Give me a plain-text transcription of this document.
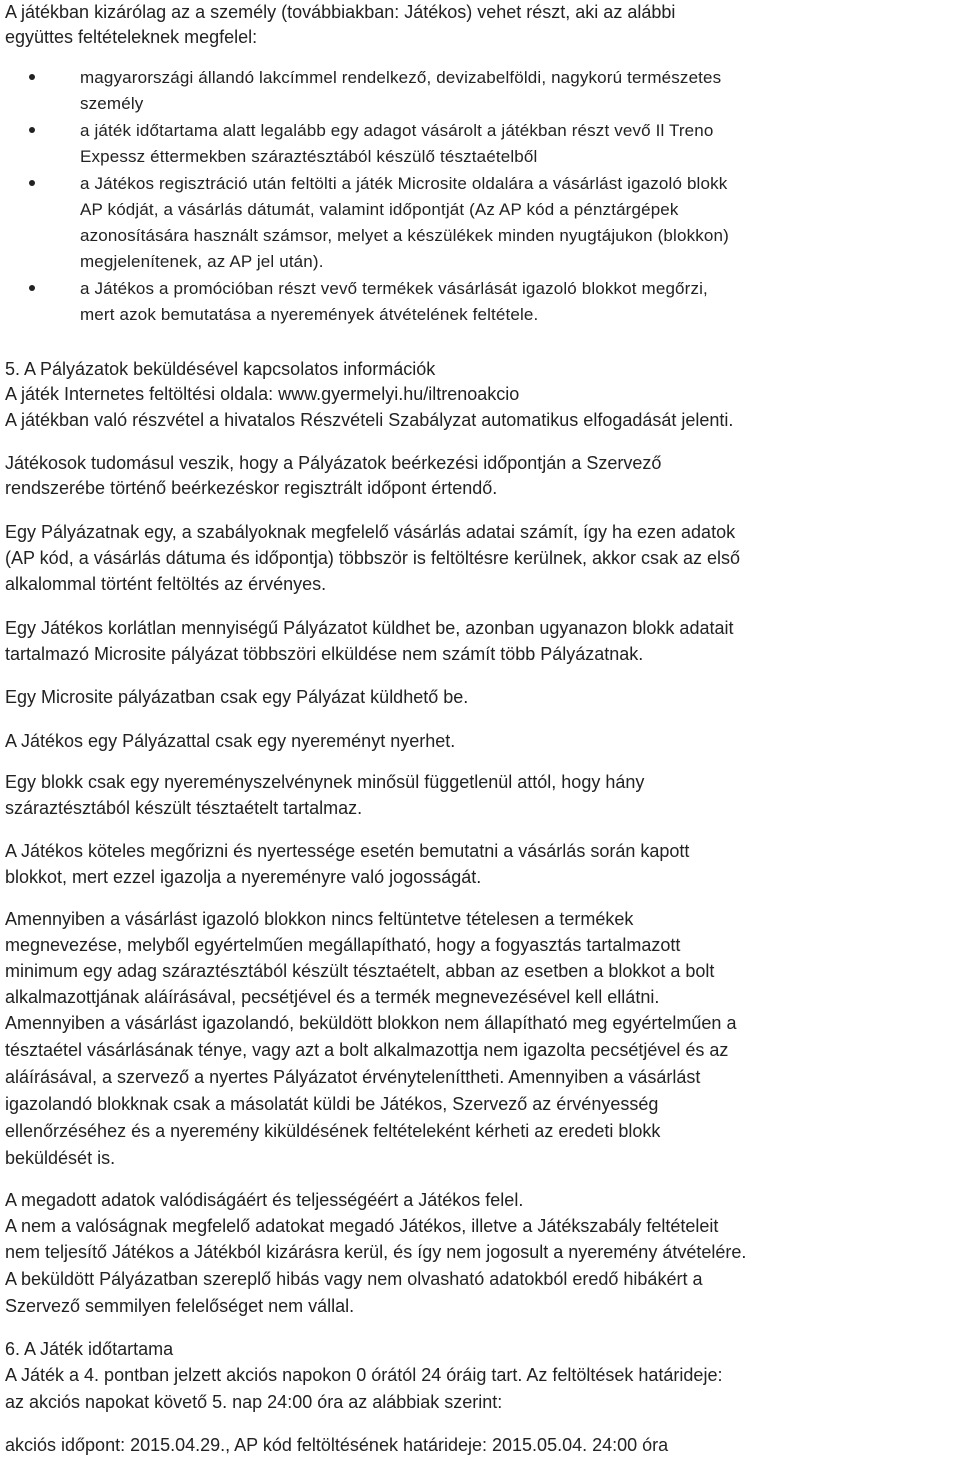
A játékban kizárólag az a személy (továbbiakban: Játékos) vehet részt, aki az alábbi
együttes feltételeknek megfelel:
magyarországi állandó lakcímmel rendelkező, devizabelföldi, nagykorú természetes
személy
a játék időtartama alatt legalább egy adagot vásárolt a játékban részt vevő Il Treno
Expessz éttermekben száraztésztából készülő tésztaételből
a Játékos regisztráció után feltölti a játék Microsite oldalára a vásárlást igazoló blokk
AP kódját, a vásárlás dátumát, valamint időpontját (Az AP kód a pénztárgépek
azonosítására használt számsor, melyet a készülékek minden nyugtájukon (blokkon)
megjelenítenek, az AP jel után).
a Játékos a promócióban részt vevő termékek vásárlását igazoló blokkot megőrzi,
mert azok bemutatása a nyeremények átvételének feltétele.
5. A Pályázatok beküldésével kapcsolatos információk
A játék Internetes feltöltési oldala: www.gyermelyi.hu/iltrenoakcio
A játékban való részvétel a hivatalos Részvételi Szabályzat automatikus elfogadását jelenti.
Játékosok tudomásul veszik, hogy a Pályázatok beérkezési időpontján a Szervező
rendszerébe történő beérkezéskor regisztrált időpont értendő.
Egy Pályázatnak egy, a szabályoknak megfelelő vásárlás adatai számít, így ha ezen adatok
(AP kód, a vásárlás dátuma és időpontja) többször is feltöltésre kerülnek, akkor csak az első
alkalommal történt feltöltés az érvényes.
Egy Játékos korlátlan mennyiségű Pályázatot küldhet be, azonban ugyanazon blokk adatait
tartalmazó Microsite pályázat többszöri elküldése nem számít több Pályázatnak.
Egy Microsite pályázatban csak egy Pályázat küldhető be.
A Játékos egy Pályázattal csak egy nyereményt nyerhet.
Egy blokk csak egy nyereményszelvénynek minősül függetlenül attól, hogy hány
száraztésztából készült tésztaételt tartalmaz.
A Játékos köteles megőrizni és nyertessége esetén bemutatni a vásárlás során kapott
blokkot, mert ezzel igazolja a nyereményre való jogosságát.
Amennyiben a vásárlást igazoló blokkon nincs feltüntetve tételesen a termékek
megnevezése, melyből egyértelműen megállapítható, hogy a fogyasztás tartalmazott
minimum egy adag száraztésztából készült tésztaételt, abban az esetben a blokkot a bolt
alkalmazottjának aláírásával, pecsétjével és a termék megnevezésével kell ellátni.
Amennyiben a vásárlást igazolandó, beküldött blokkon nem állapítható meg egyértelműen a
tésztaétel vásárlásának ténye, vagy azt a bolt alkalmazottja nem igazolta pecsétjével és az
aláírásával, a szervező a nyertes Pályázatot érvényteleníttheti. Amennyiben a vásárlást
igazolandó blokknak csak a másolatát küldi be Játékos, Szervező az érvényesség
ellenőrzéséhez és a nyeremény kiküldésének feltételeként kérheti az eredeti blokk
beküldését is.
A megadott adatok valódiságáért és teljességéért a Játékos felel.
A nem a valóságnak megfelelő adatokat megadó Játékos, illetve a Játékszabály feltételeit
nem teljesítő Játékos a Játékból kizárásra kerül, és így nem jogosult a nyeremény átvételére.
A beküldött Pályázatban szereplő hibás vagy nem olvasható adatokból eredő hibákért a
Szervező semmilyen felelőséget nem vállal.
6. A Játék időtartama
A Játék a 4. pontban jelzett akciós napokon 0 órától 24 óráig tart. Az feltöltések határideje:
az akciós napokat követő 5. nap 24:00 óra az alábbiak szerint:
akciós időpont: 2015.04.29., AP kód feltöltésének határideje: 2015.05.04. 24:00 óra
